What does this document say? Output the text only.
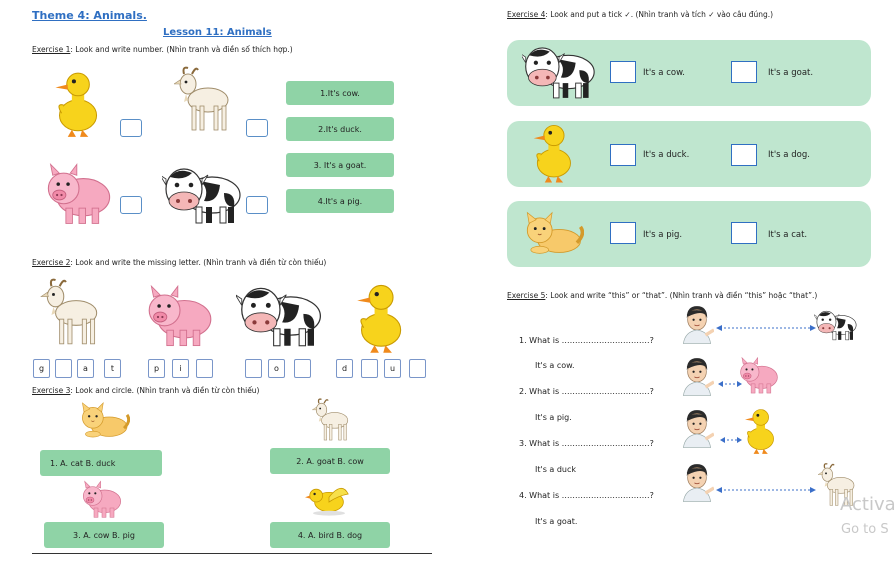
Theme 4: Animals.
Lesson 11: Animals
Exercise 1: Look and write number. (Nhìn tranh và điền số thích hợp.)
1.It's cow.
2.It's duck.
3. It's a goat.
4.It's a pig.
Exercise 2: Look and write the missing letter. (Nhìn tranh và điền từ còn thiếu)
g	a	t	p	i	o	d	u
Exercise 3: Look and circle. (Nhìn tranh và điền từ còn thiếu)
1. A. cat B. duck	2. A. goat B. cow
3. A. cow B. pig	4. A. bird B. dog
Exercise 4: Look and put a tick ✓. (Nhìn tranh và tích ✓ vào câu đúng.)
It's a cow.	It's a goat.
It's a duck.	It's a dog.
It's a pig.	It's a cat.
Exercise 5: Look and write “this” or “that”. (Nhìn tranh và điền “this” hoặc “that”.)
1. What is ……………………………?
It's a cow.
2. What is ……………………………?
It's a pig.
3. What is ……………………………?
It's a duck
4. What is ……………………………?
It's a goat.
Activa
Go to S
